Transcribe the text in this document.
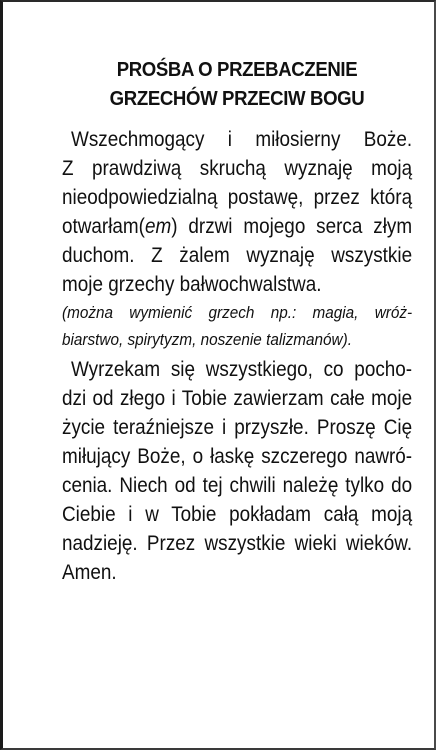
PROŚBA O PRZEBACZENIE
GRZECHÓW PRZECIW BOGU
Wszechmogący i miłosierny Boże.
Z prawdziwą skruchą wyznaję moją
nieodpowiedzialną postawę, przez którą
otwarłam(em) drzwi mojego serca złym
duchom. Z żalem wyznaję wszystkie
moje grzechy bałwochwalstwa.
(można wymienić grzech np.: magia, wróż-
biarstwo, spirytyzm, noszenie talizmanów).
Wyrzekam się wszystkiego, co pocho-
dzi od złego i Tobie zawierzam całe moje
życie teraźniejsze i przyszłe. Proszę Cię
miłujący Boże, o łaskę szczerego nawró-
cenia. Niech od tej chwili należę tylko do
Ciebie i w Tobie pokładam całą moją
nadzieję. Przez wszystkie wieki wieków.
Amen.
